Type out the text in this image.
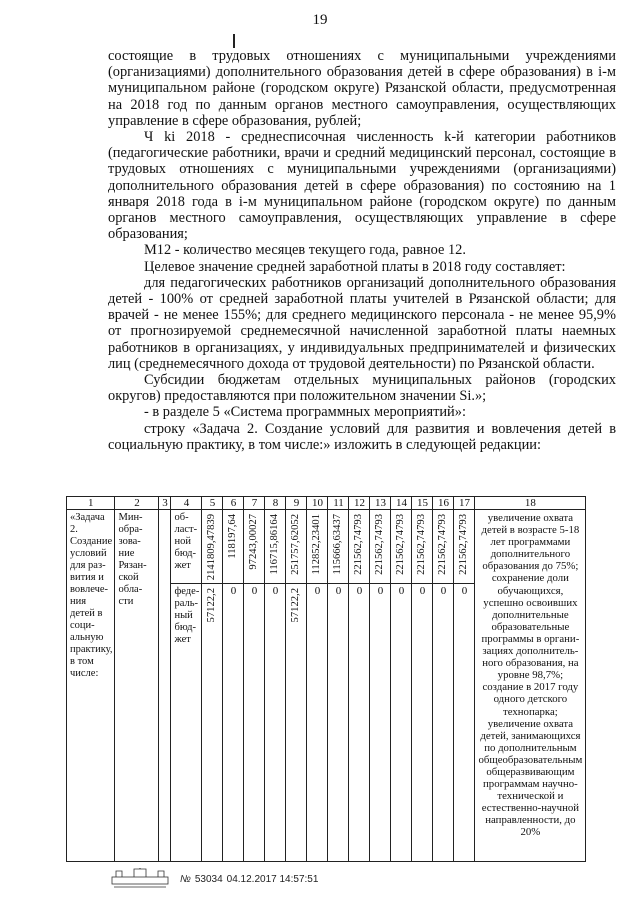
19

состоящие в трудовых отношениях с муниципальными учреждениями (организациями) дополнительного образования детей в сфере образования) в i-м муниципальном районе (городском округе) Рязанской области, предусмотренная на 2018 год по данным органов местного самоуправления, осуществляющих управление в сфере образования, рублей;

Ч ki 2018 - среднесписочная численность k-й категории работников (педагогические работники, врачи и средний медицинский персонал, состоящие в трудовых отношениях с муниципальными учреждениями (организациями) дополнительного образования детей в сфере образования) по состоянию на 1 января 2018 года в i-м муниципальном районе (городском округе) по данным органов местного самоуправления, осуществляющих управление в сфере образования;

M12 - количество месяцев текущего года, равное 12.

Целевое значение средней заработной платы в 2018 году составляет:

для педагогических работников организаций дополнительного образования детей - 100% от средней заработной платы учителей в Рязанской области; для врачей - не менее 155%; для среднего медицинского персонала - не менее 95,9% от прогнозируемой среднемесячной начисленной заработной платы наемных работников в организациях, у индивидуальных предпринимателей и физических лиц (среднемесячного дохода от трудовой деятельности) по Рязанской области.

Субсидии бюджетам отдельных муниципальных районов (городских округов) предоставляются при положительном значении Si.»;

- в разделе 5 «Система программных мероприятий»:

строку «Задача 2. Создание условий для развития и вовлечения детей в социальную практику, в том числе:» изложить в следующей редакции:

1	2	3	4	5	6	7	8	9	10	11	12	13	14	15	16	17	18
«Задача 2. Создание условий для раз-вития и вовлече-ния детей в соци-альную практику, в том числе:	Мин-обра-зова-ние Рязан-ской обла-сти		об-ласт-ной бюд-жет	2141809,47839	118197,64	97243,00027	116715,86164	251757,62052	112852,23401	115666,63437	221562,74793	221562,74793	221562,74793	221562,74793	221562,74793	221562,74793	увеличение охвата детей в возрасте 5-18 лет программами дополнительного образования до 75%; сохранение доли обучающихся, успешно освоивших дополнительные образовательные программы в органи-зациях дополнитель-ного образования, на уровне 98,7%; создание в 2017 году одного детского технопарка; увеличение охвата детей, занимающихся по дополнительным общеобразовательным общеразвивающим программам научно-технической и естественно-научной направленности, до 20%
			феде-раль-ный бюд-жет	57122,2	0	0	0	57122,2	0	0	0	0	0	0	0	0	
№ 53034 04.12.2017 14:57:51
